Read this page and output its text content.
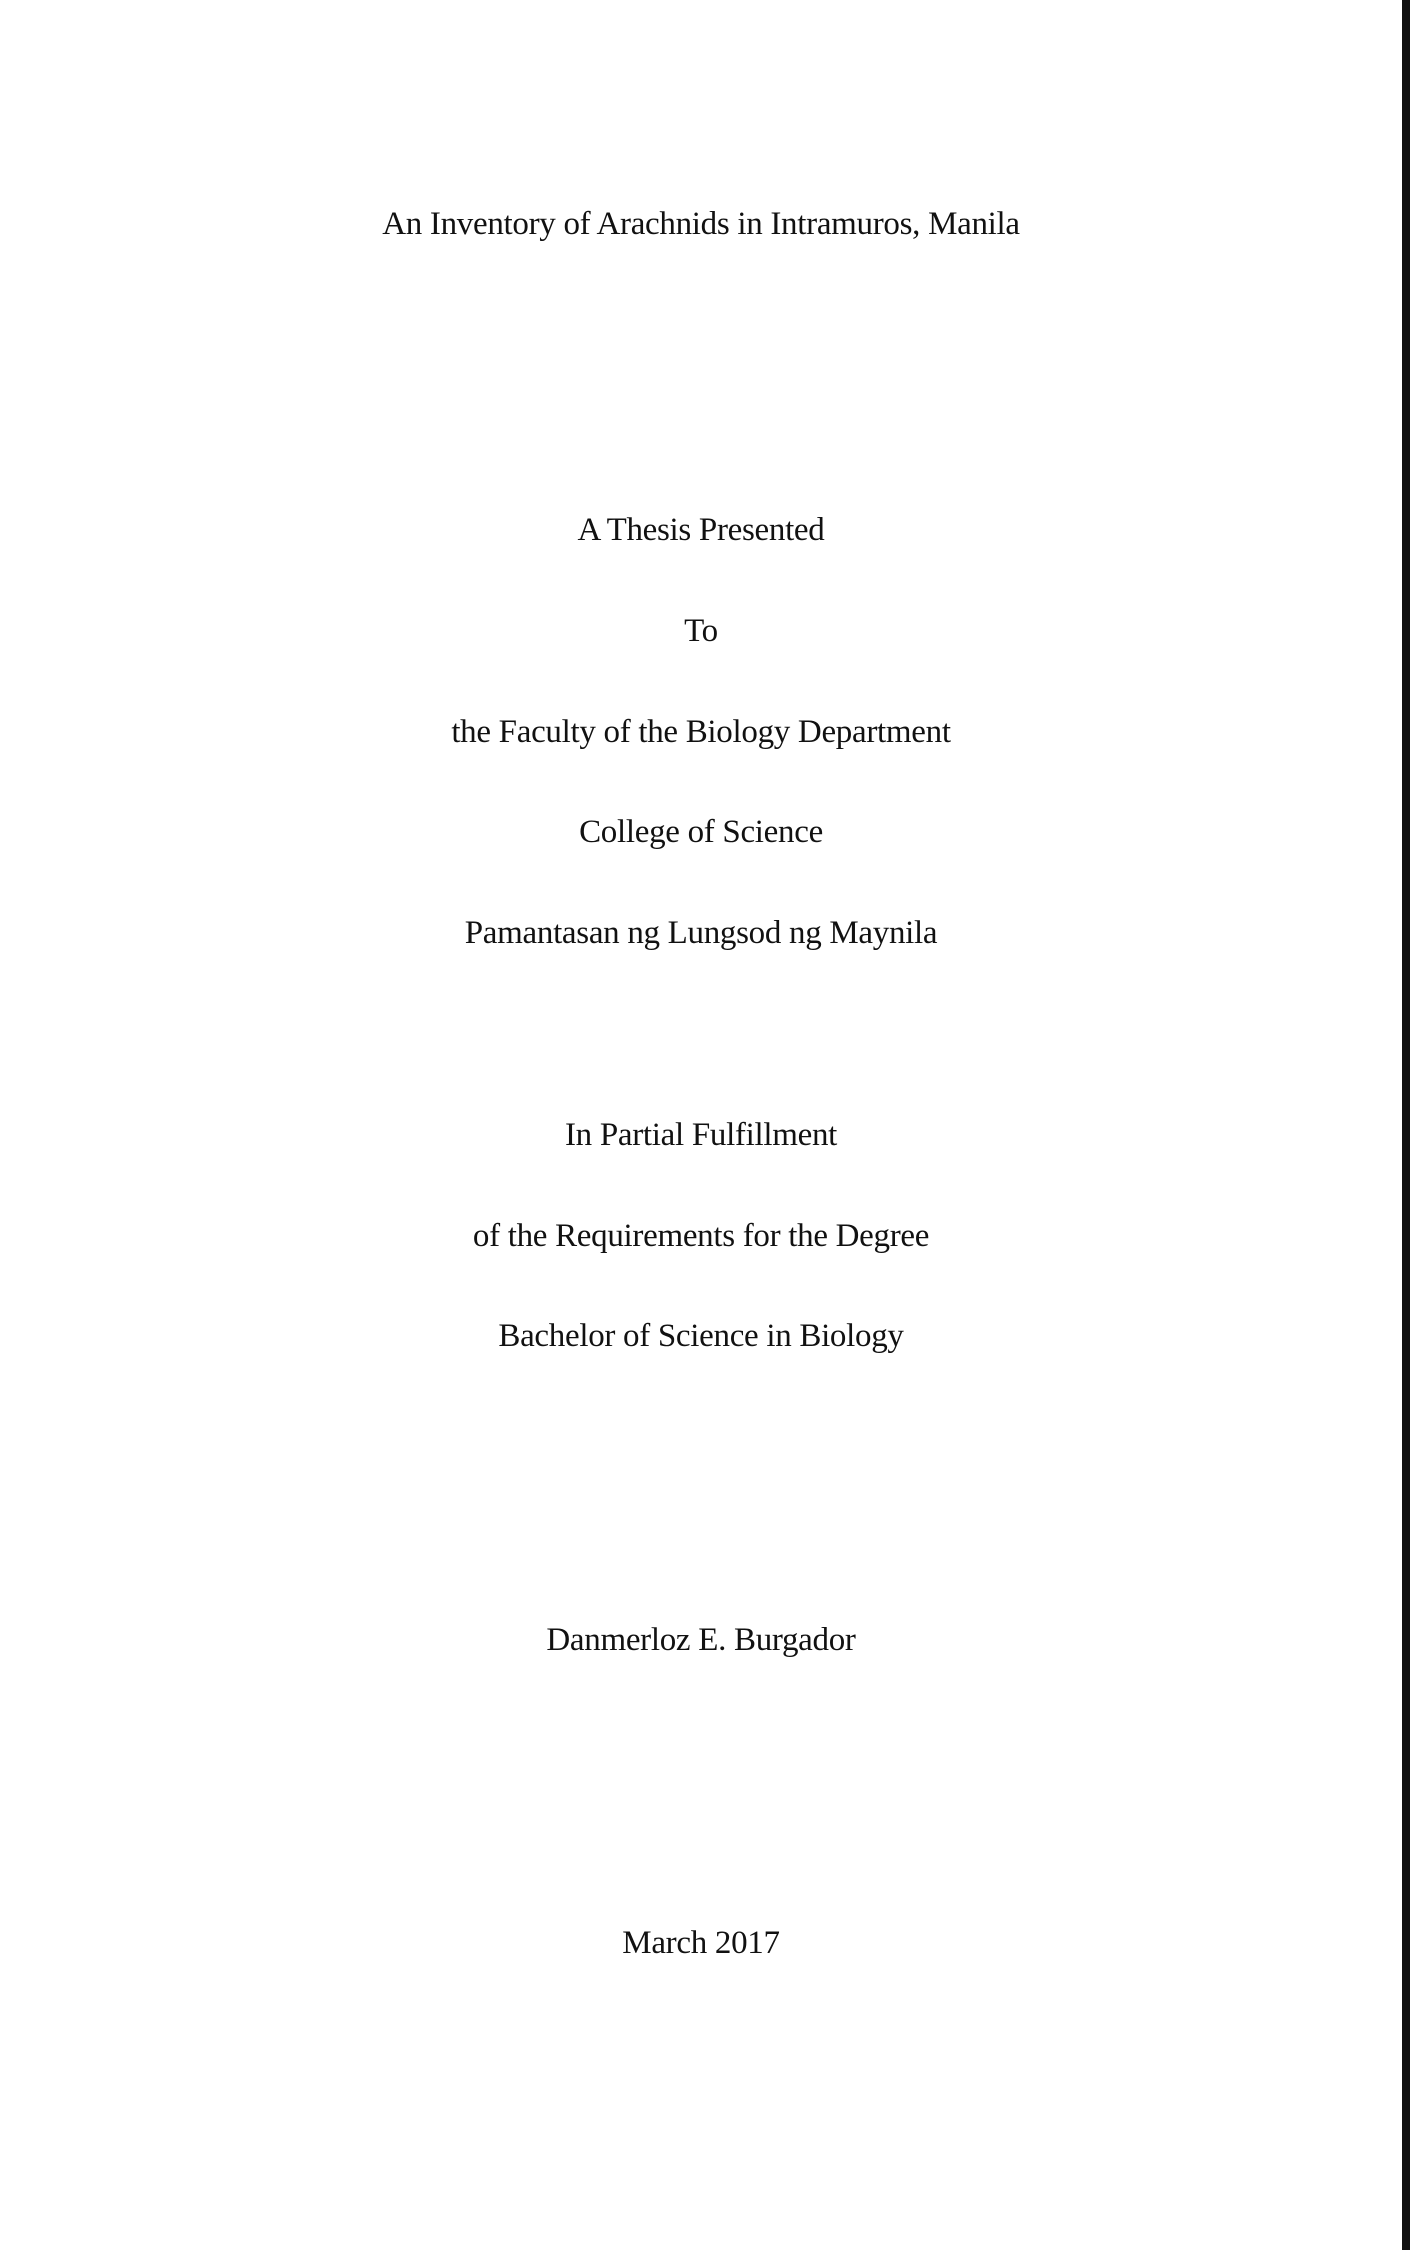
An Inventory of Arachnids in Intramuros, Manila
A Thesis Presented
To
the Faculty of the Biology Department
College of Science
Pamantasan ng Lungsod ng Maynila
In Partial Fulfillment
of the Requirements for the Degree
Bachelor of Science in Biology
Danmerloz E. Burgador
March 2017
